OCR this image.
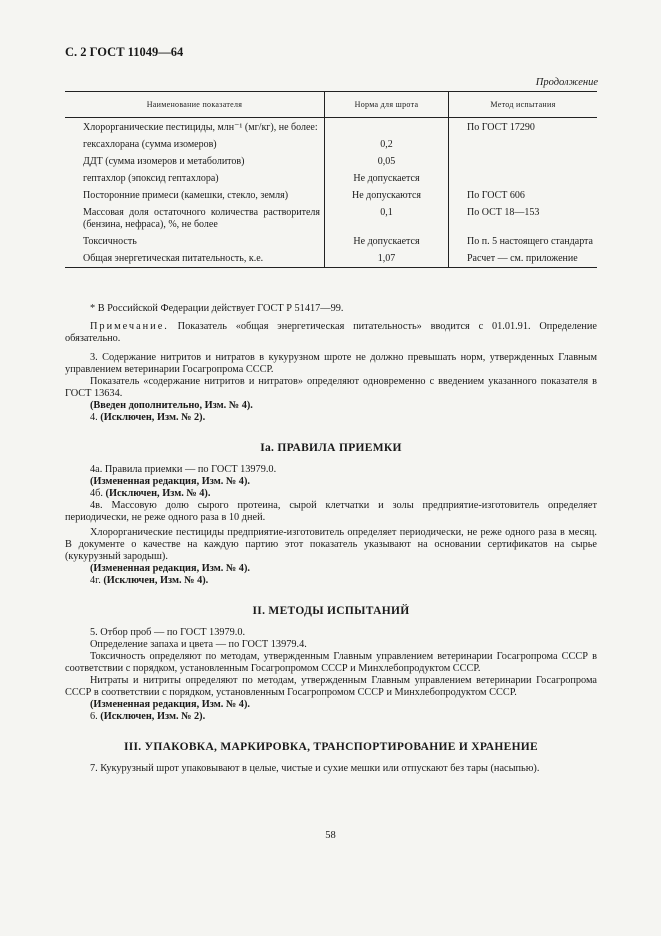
С. 2 ГОСТ 11049—64
Продолжение
Наименование показателя	Норма для шрота	Метод испытания
Хлорорганические пестициды, млн⁻¹ (мг/кг), не более:		По ГОСТ 17290
гексахлорана (сумма изомеров)	0,2	
ДДТ (сумма изомеров и метаболитов)	0,05	
гептахлор (эпоксид гептахлора)	Не допускается	
Посторонние примеси (камешки, стекло, земля)	Не допускаются	По ГОСТ 606
Массовая доля остаточного количества растворителя (бензина, нефраса), %, не более	0,1	По ОСТ 18—153
Токсичность	Не допускается	По п. 5 настоящего стандарта
Общая энергетическая питательность, к.е.	1,07	Расчет — см. приложение

* В Российской Федерации действует ГОСТ Р 51417—99.

Примечание. Показатель «общая энергетическая питательность» вводится с 01.01.91. Определение обязательно.

3. Содержание нитритов и нитратов в кукурузном шроте не должно превышать норм, утвержденных Главным управлением ветеринарии Госагропрома СССР.

Показатель «содержание нитритов и нитратов» определяют одновременно с введением указанного показателя в ГОСТ 13634.

(Введен дополнительно, Изм. № 4).

4. (Исключен, Изм. № 2).

Iа. ПРАВИЛА ПРИЕМКИ

4а. Правила приемки — по ГОСТ 13979.0.

(Измененная редакция, Изм. № 4).

4б. (Исключен, Изм. № 4).

4в. Массовую долю сырого протеина, сырой клетчатки и золы предприятие-изготовитель определяет периодически, не реже одного раза в 10 дней.

Хлорорганические пестициды предприятие-изготовитель определяет периодически, не реже одного раза в месяц. В документе о качестве на каждую партию этот показатель указывают на основании сертификатов на сырье (кукурузный зародыш).

(Измененная редакция, Изм. № 4).

4г. (Исключен, Изм. № 4).

II. МЕТОДЫ ИСПЫТАНИЙ

5. Отбор проб — по ГОСТ 13979.0.

Определение запаха и цвета — по ГОСТ 13979.4.

Токсичность определяют по методам, утвержденным Главным управлением ветеринарии Госагропрома СССР в соответствии с порядком, установленным Госагропромом СССР и Минхлебопродуктом СССР.

Нитраты и нитриты определяют по методам, утвержденным Главным управлением ветеринарии Госагропрома СССР в соответствии с порядком, установленным Госагропромом СССР и Минхлебопродуктом СССР.

(Измененная редакция, Изм. № 4).

6. (Исключен, Изм. № 2).

III. УПАКОВКА, МАРКИРОВКА, ТРАНСПОРТИРОВАНИЕ И ХРАНЕНИЕ

7. Кукурузный шрот упаковывают в целые, чистые и сухие мешки или отпускают без тары (насыпью).

58
